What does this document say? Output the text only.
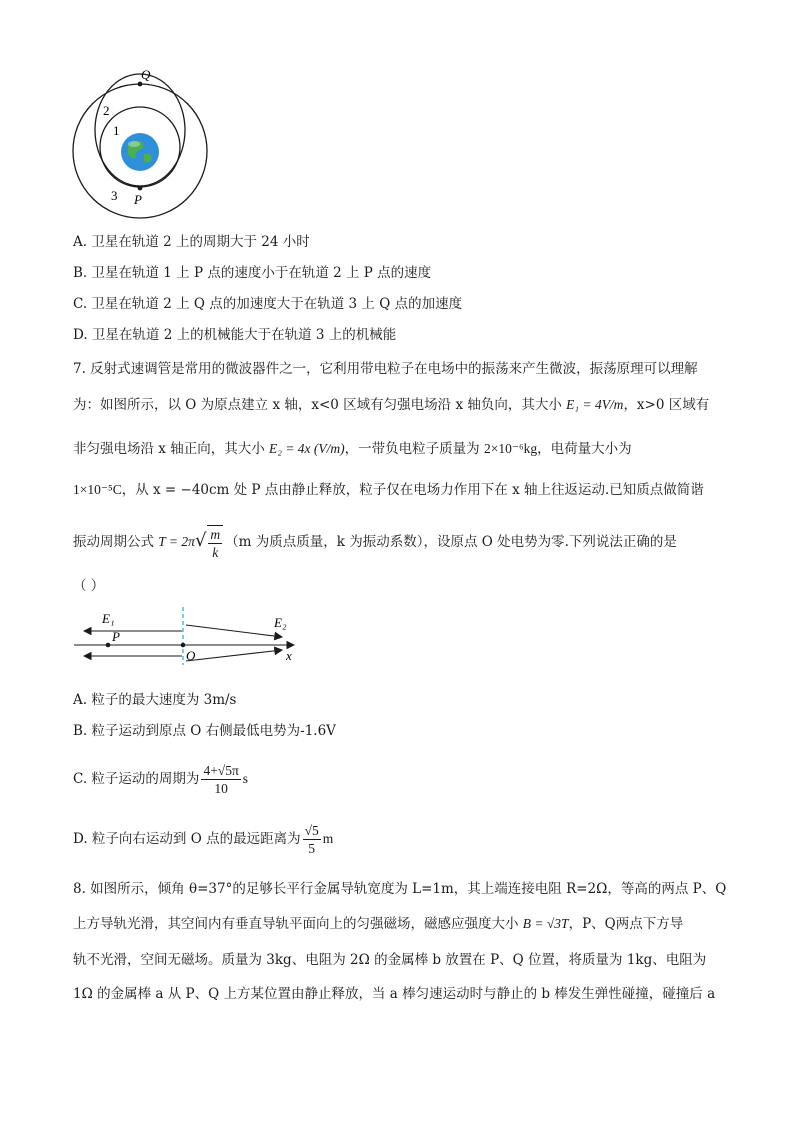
Q
P
2
1
3
A. 卫星在轨道 2 上的周期大于 24 小时
B. 卫星在轨道 1 上 P 点的速度小于在轨道 2 上 P 点的速度
C. 卫星在轨道 2 上 Q 点的加速度大于在轨道 3 上 Q 点的加速度
D. 卫星在轨道 2 上的机械能大于在轨道 3 上的机械能
7. 反射式速调管是常用的微波器件之一，它利用带电粒子在电场中的振荡来产生微波，振荡原理可以理解
为：如图所示，以 O 为原点建立 x 轴，x<0 区域有匀强电场沿 x 轴负向，其大小 E₁ = 4V/m，x>0 区域有
非匀强电场沿 x 轴正向，其大小 E₂ = 4x (V/m)，一带负电粒子质量为 2×10⁻⁶kg，电荷量大小为
1×10⁻⁵C，从 x = −40cm 处 P 点由静止释放，粒子仅在电场力作用下在 x 轴上往返运动.已知质点做简谐
振动周期公式 $T = 2\pi√ \frac{m}{k} (m$ 为质点质量，k 为振动系数），设原点 O 处电势为零.下列说法正确的是
（ ）
E₁	E₂
P
O	x
A. 粒子的最大速度为 3m/s
B. 粒子运动到原点 O 右侧最低电势为-1.6V
C. 粒子运动的周期为 $\frac{4+√5\pi}{10}$ s
D. 粒子向右运动到 O 点的最远距离为 $\frac{√5}{5}$ m
8. 如图所示，倾角 θ=37°的足够长平行金属导轨宽度为 L=1m，其上端连接电阻 R=2Ω，等高的两点 P、Q
上方导轨光滑，其空间内有垂直导轨平面向上的匀强磁场，磁感应强度大小 B = √3T，P、Q两点下方导
轨不光滑，空间无磁场。质量为 3kg、电阻为 2Ω 的金属棒 b 放置在 P、Q 位置，将质量为 1kg、电阻为
1Ω 的金属棒 a 从 P、Q 上方某位置由静止释放，当 a 棒匀速运动时与静止的 b 棒发生弹性碰撞，碰撞后 a
